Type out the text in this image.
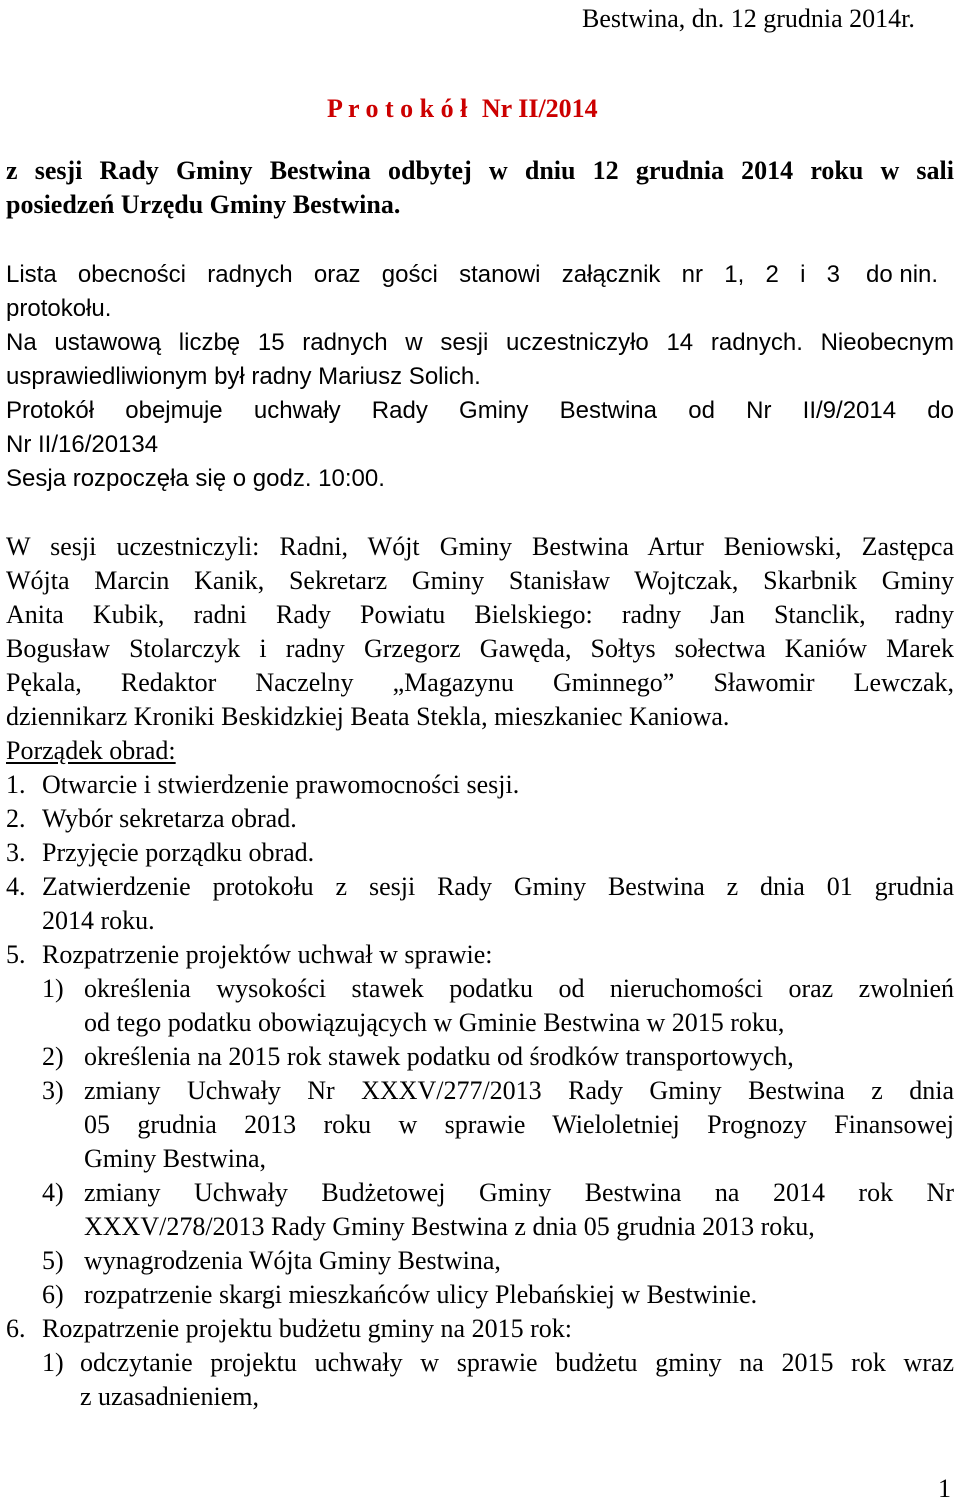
Bestwina, dn. 12 grudnia 2014r.
P r o t o k ó ł Nr II/2014
z sesji Rady Gminy Bestwina odbytej w dniu 12 grudnia 2014 roku w sali
posiedzeń Urzędu Gminy Bestwina.
Lista obecności radnych oraz gości stanowi załącznik nr 1, 2 i 3 do nin.
protokołu.
Na ustawową liczbę 15 radnych w sesji uczestniczyło 14 radnych. Nieobecnym
usprawiedliwionym był radny Mariusz Solich.
Protokół obejmuje uchwały Rady Gminy Bestwina od Nr II/9/2014 do
Nr II/16/20134
Sesja rozpoczęła się o godz. 10:00.
W sesji uczestniczyli: Radni, Wójt Gminy Bestwina Artur Beniowski, Zastępca
Wójta Marcin Kanik, Sekretarz Gminy Stanisław Wojtczak, Skarbnik Gminy
Anita Kubik, radni Rady Powiatu Bielskiego: radny Jan Stanclik, radny
Bogusław Stolarczyk i radny Grzegorz Gawęda, Sołtys sołectwa Kaniów Marek
Pękala, Redaktor Naczelny „Magazynu Gminnego” Sławomir Lewczak,
dziennikarz Kroniki Beskidzkiej Beata Stekla, mieszkaniec Kaniowa.
Porządek obrad:
1. Otwarcie i stwierdzenie prawomocności sesji.
2. Wybór sekretarza obrad.
3. Przyjęcie porządku obrad.
4. Zatwierdzenie protokołu z sesji Rady Gminy Bestwina z dnia 01 grudnia
2014 roku.
5. Rozpatrzenie projektów uchwał w sprawie:
1) określenia wysokości stawek podatku od nieruchomości oraz zwolnień
od tego podatku obowiązujących w Gminie Bestwina w 2015 roku,
2) określenia na 2015 rok stawek podatku od środków transportowych,
3) zmiany Uchwały Nr XXXV/277/2013 Rady Gminy Bestwina z dnia
05 grudnia 2013 roku w sprawie Wieloletniej Prognozy Finansowej
Gminy Bestwina,
4) zmiany Uchwały Budżetowej Gminy Bestwina na 2014 rok Nr
XXXV/278/2013 Rady Gminy Bestwina z dnia 05 grudnia 2013 roku,
5) wynagrodzenia Wójta Gminy Bestwina,
6) rozpatrzenie skargi mieszkańców ulicy Plebańskiej w Bestwinie.
6. Rozpatrzenie projektu budżetu gminy na 2015 rok:
1) odczytanie projektu uchwały w sprawie budżetu gminy na 2015 rok wraz
z uzasadnieniem,
1
